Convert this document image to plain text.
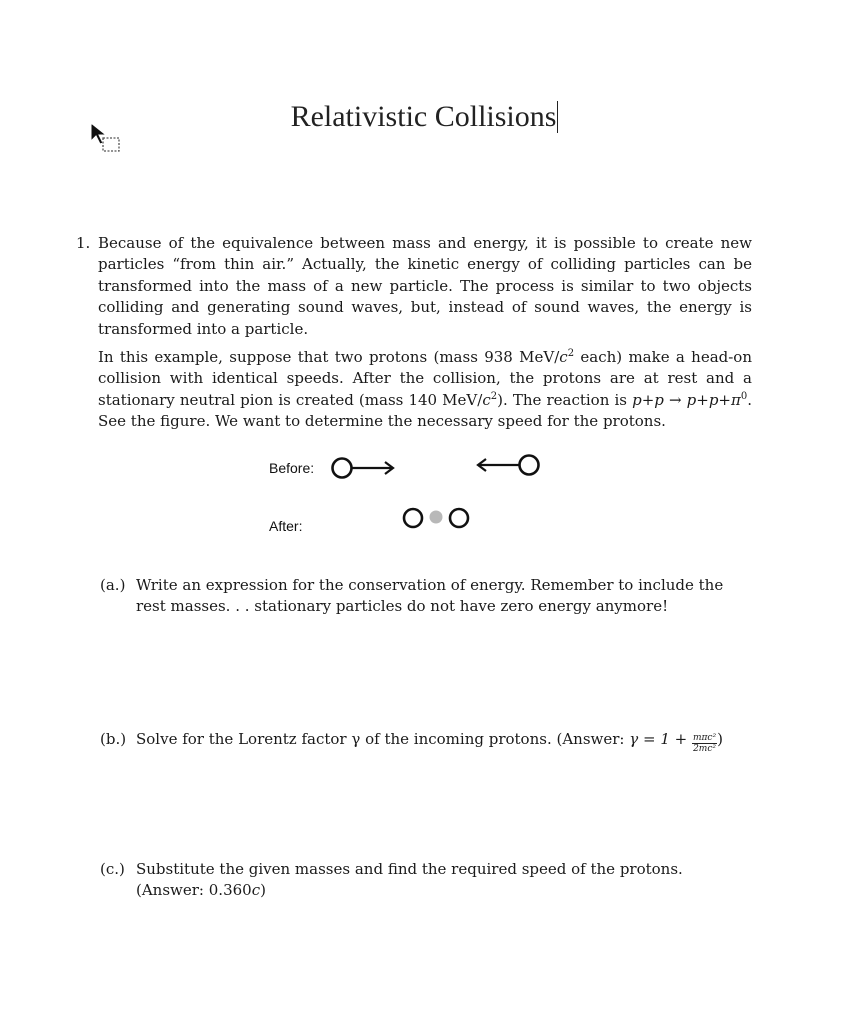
Relativistic Collisions
1. Because of the equivalence between mass and energy, it is possible to create new particles “from thin air.” Actually, the kinetic energy of colliding particles can be transformed into the mass of a new particle. The process is similar to two objects colliding and generating sound waves, but, instead of sound waves, the energy is transformed into a particle.

In this example, suppose that two protons (mass 938 MeV/$c^2$ each) make a head-on collision with identical speeds. After the collision, the protons are at rest and a stationary neutral pion is created (mass 140 MeV/$c^2$). The reaction is $p+p \to p+p+\pi^0$. See the figure. We want to determine the necessary speed for the protons.

Before:
After:
(a.) Write an expression for the conservation of energy. Remember to include the rest masses. . . stationary particles do not have zero energy anymore!

(b.) Solve for the Lorentz factor γ of the incoming protons. (Answer: $\gamma = 1 + \frac{\text{mπc²}}{\text{2mc²}}$ )

(c.) Substitute the given masses and find the required speed of the protons. (Answer: 0.360c)
